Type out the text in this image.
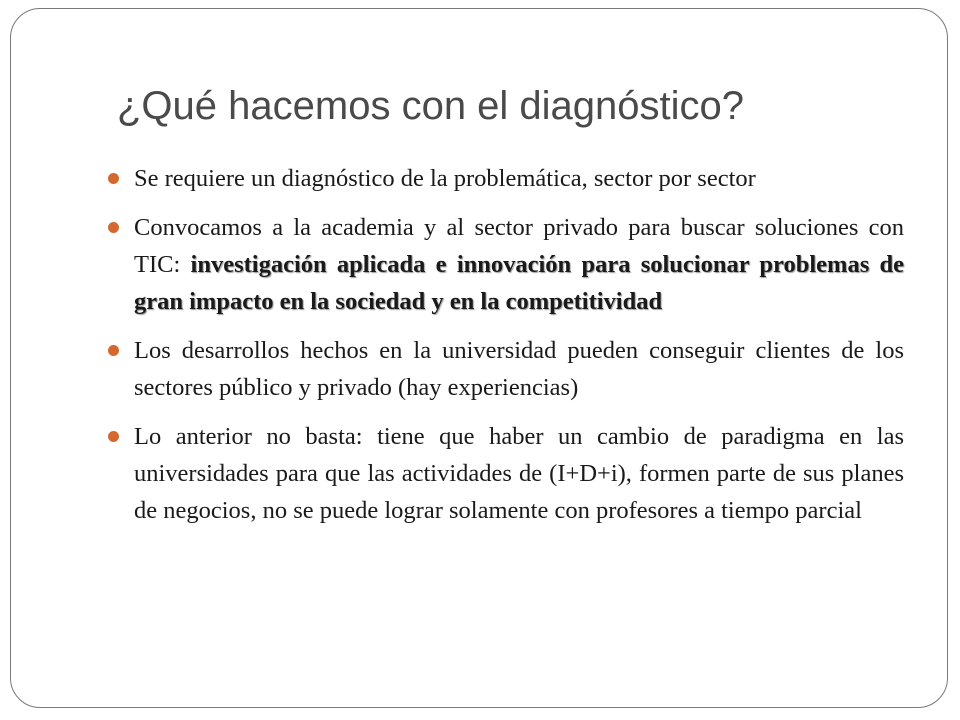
¿Qué hacemos con el diagnóstico?
Se requiere un diagnóstico de la problemática, sector por sector
Convocamos a la academia y al sector privado para buscar soluciones con TIC: investigación aplicada e innovación para solucionar problemas de gran impacto en la sociedad y en la competitividad
Los desarrollos hechos en la universidad pueden conseguir clientes de los sectores público y privado (hay experiencias)
Lo anterior no basta: tiene que haber un cambio de paradigma en las universidades para que las actividades de (I+D+i), formen parte de sus planes de negocios, no se puede lograr solamente con profesores a tiempo parcial
